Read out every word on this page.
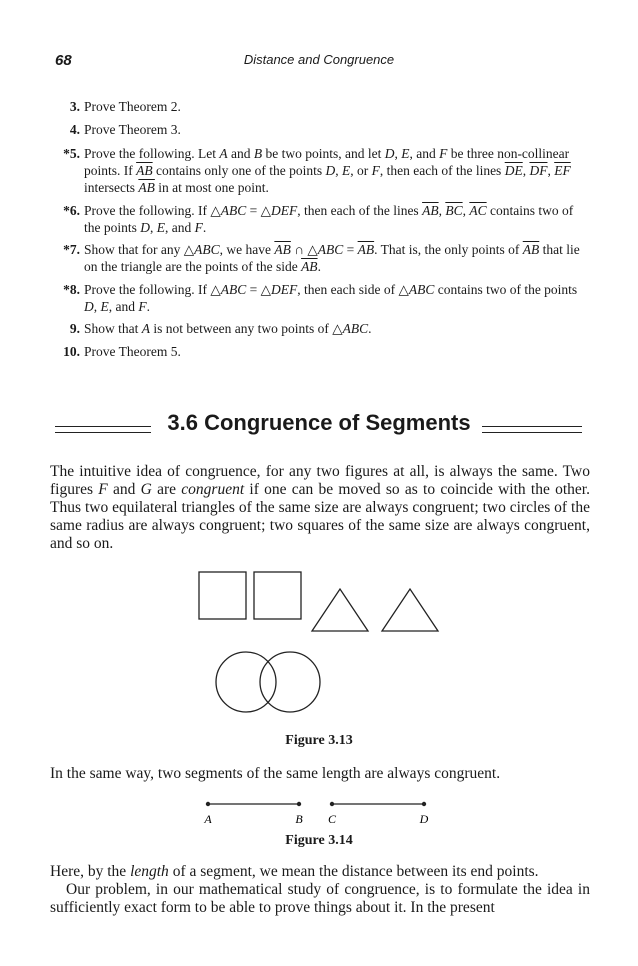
68	Distance and Congruence
3. Prove Theorem 2.
4. Prove Theorem 3.
*5. Prove the following. Let A and B be two points, and let D, E, and F be three non-collinear points. If $\overline{AB}$ contains only one of the points D, E, or F, then each of the lines $\overline{DE}$, $\overline{DF}$, $\overline{EF}$ intersects $\overline{AB}$ in at most one point.
*6. Prove the following. If △ABC = △DEF, then each of the lines $\overline{AB}$, $\overline{BC}$, $\overline{AC}$ contains two of the points D, E, and F.
*7. Show that for any △ABC, we have $\overline{AB}$ ∩ △ABC = $\overline{AB}$. That is, the only points of $\overline{AB}$ that lie on the triangle are the points of the side $\overline{AB}$.
*8. Prove the following. If △ABC = △DEF, then each side of △ABC contains two of the points D, E, and F.
9. Show that A is not between any two points of △ABC.
10. Prove Theorem 5.
3.6 Congruence of Segments
The intuitive idea of congruence, for any two figures at all, is always the same. Two figures F and G are congruent if one can be moved so as to coincide with the other. Thus two equilateral triangles of the same size are always congruent; two circles of the same radius are always congruent; two squares of the same size are always congruent, and so on.
Figure 3.13
In the same way, two segments of the same length are always congruent.
A	B C	D
Figure 3.14
Here, by the length of a segment, we mean the distance between its end points.
Our problem, in our mathematical study of congruence, is to formulate the idea in sufficiently exact form to be able to prove things about it. In the present
